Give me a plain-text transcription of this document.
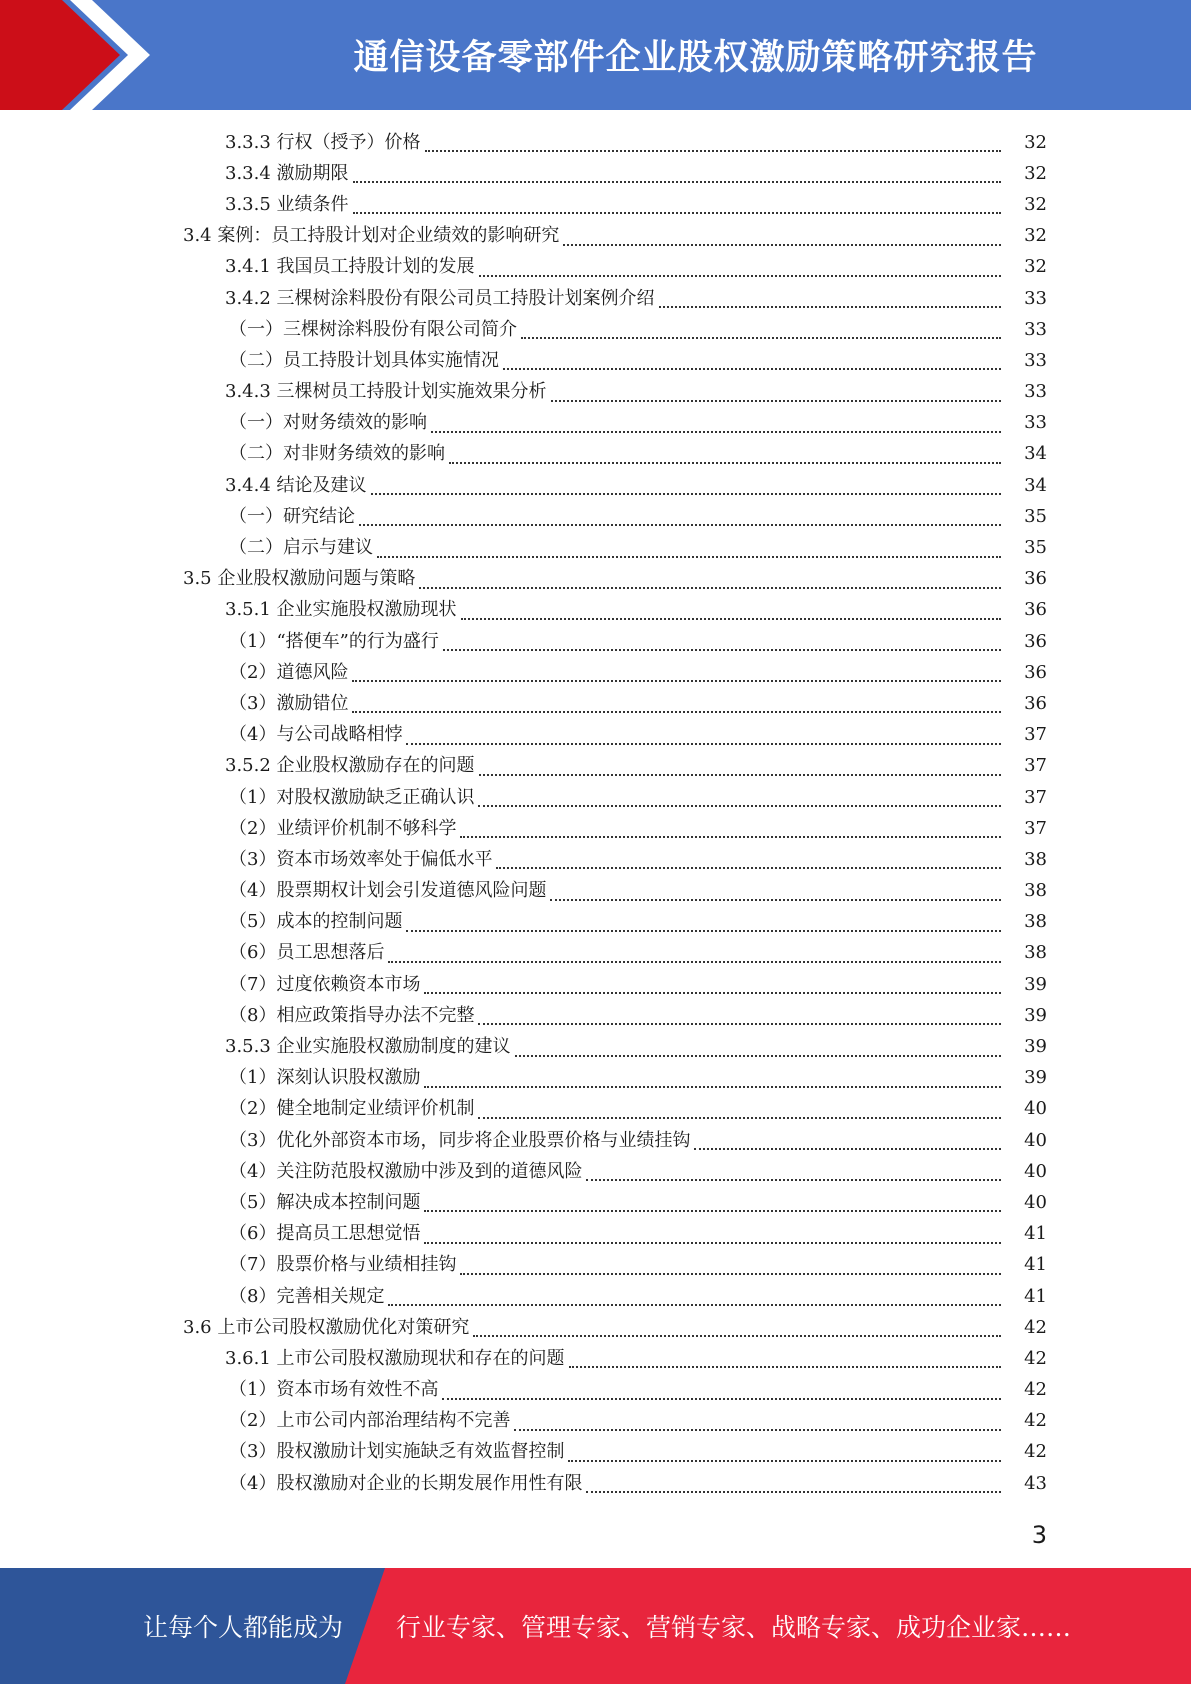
通信设备零部件企业股权激励策略研究报告
3.3.3 行权（授予）价格	32
3.3.4 激励期限	32
3.3.5 业绩条件	32
3.4 案例：员工持股计划对企业绩效的影响研究	32
3.4.1 我国员工持股计划的发展	32
3.4.2 三棵树涂料股份有限公司员工持股计划案例介绍	33
（一）三棵树涂料股份有限公司简介	33
（二）员工持股计划具体实施情况	33
3.4.3 三棵树员工持股计划实施效果分析	33
（一）对财务绩效的影响	33
（二）对非财务绩效的影响	34
3.4.4 结论及建议	34
（一）研究结论	35
（二）启示与建议	35
3.5 企业股权激励问题与策略	36
3.5.1 企业实施股权激励现状	36
（1）“搭便车”的行为盛行	36
（2）道德风险	36
（3）激励错位	36
（4）与公司战略相悖	37
3.5.2 企业股权激励存在的问题	37
（1）对股权激励缺乏正确认识	37
（2）业绩评价机制不够科学	37
（3）资本市场效率处于偏低水平	38
（4）股票期权计划会引发道德风险问题	38
（5）成本的控制问题	38
（6）员工思想落后	38
（7）过度依赖资本市场	39
（8）相应政策指导办法不完整	39
3.5.3 企业实施股权激励制度的建议	39
（1）深刻认识股权激励	39
（2）健全地制定业绩评价机制	40
（3）优化外部资本市场，同步将企业股票价格与业绩挂钩	40
（4）关注防范股权激励中涉及到的道德风险	40
（5）解决成本控制问题	40
（6）提高员工思想觉悟	41
（7）股票价格与业绩相挂钩	41
（8）完善相关规定	41
3.6 上市公司股权激励优化对策研究	42
3.6.1 上市公司股权激励现状和存在的问题	42
（1）资本市场有效性不高	42
（2）上市公司内部治理结构不完善	42
（3）股权激励计划实施缺乏有效监督控制	42
（4）股权激励对企业的长期发展作用性有限	43
3
让每个人都能成为 行业专家、管理专家、营销专家、战略专家、成功企业家……
